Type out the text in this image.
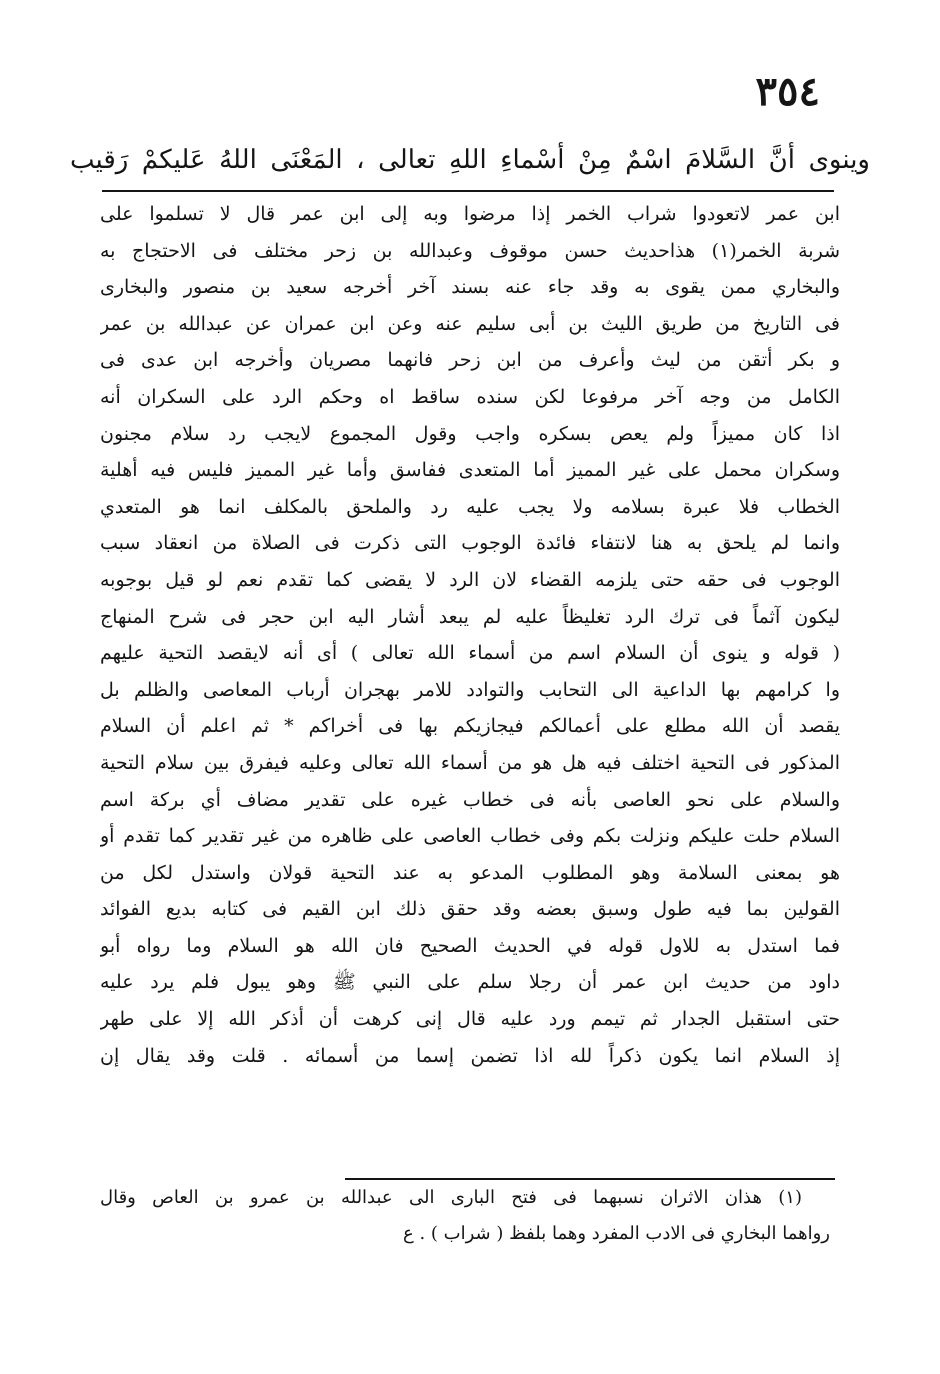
٣٥٤
وينوى أنَّ السَّلامَ اسْمٌ مِنْ أسْماءِ اللهِ تعالى ، المَعْنَى اللهُ عَليكمْ رَقيب
ابن عمر لاتعودوا شراب الخمر إذا مرضوا وبه إلى ابن عمر قال لا تسلموا على
شربة الخمر(١) هذاحديث حسن موقوف وعبدالله بن زحر مختلف فى الاحتجاج به
والبخاري ممن يقوى به وقد جاء عنه بسند آخر أخرجه سعيد بن منصور والبخارى
فى التاريخ من طريق الليث بن أبى سليم عنه وعن ابن عمران عن عبدالله بن عمر
و بكر أتقن من ليث وأعرف من ابن زحر فانهما مصريان وأخرجه ابن عدى فى
الكامل من وجه آخر مرفوعا لكن سنده ساقط اه وحكم الرد على السكران أنه
اذا كان مميزاً ولم يعص بسكره واجب وقول المجموع لايجب رد سلام مجنون
وسكران محمل على غير المميز أما المتعدى ففاسق وأما غير المميز فليس فيه أهلية
الخطاب فلا عبرة بسلامه ولا يجب عليه رد والملحق بالمكلف انما هو المتعدي
وانما لم يلحق به هنا لانتفاء فائدة الوجوب التى ذكرت فى الصلاة من انعقاد سبب
الوجوب فى حقه حتى يلزمه القضاء لان الرد لا يقضى كما تقدم نعم لو قيل بوجوبه
ليكون آثماً فى ترك الرد تغليظاً عليه لم يبعد أشار اليه ابن حجر فى شرح المنهاج
( قوله و ينوى أن السلام اسم من أسماء الله تعالى ) أى أنه لايقصد التحية عليهم
وا كرامهم بها الداعية الى التحابب والتوادد للامر بهجران أرباب المعاصى والظلم بل
يقصد أن الله مطلع على أعمالكم فيجازيكم بها فى أخراكم * ثم اعلم أن السلام
المذكور فى التحية اختلف فيه هل هو من أسماء الله تعالى وعليه فيفرق بين سلام التحية
والسلام على نحو العاصى بأنه فى خطاب غيره على تقدير مضاف أي بركة اسم
السلام حلت عليكم ونزلت بكم وفى خطاب العاصى على ظاهره من غير تقدير كما تقدم أو
هو بمعنى السلامة وهو المطلوب المدعو به عند التحية قولان واستدل لكل من
القولين بما فيه طول وسبق بعضه وقد حقق ذلك ابن القيم فى كتابه بديع الفوائد
فما استدل به للاول قوله في الحديث الصحيح فان الله هو السلام وما رواه أبو
داود من حديث ابن عمر أن رجلا سلم على النبي ﷺ وهو يبول فلم يرد عليه
حتى استقبل الجدار ثم تيمم ورد عليه قال إنى كرهت أن أذكر الله إلا على طهر
إذ السلام انما يكون ذكراً لله اذا تضمن إسما من أسمائه . قلت وقد يقال إن
(١) هذان الاثران نسبهما فى فتح البارى الى عبدالله بن عمرو بن العاص وقال
رواهما البخاري فى الادب المفرد وهما بلفظ ( شراب ) . ع
